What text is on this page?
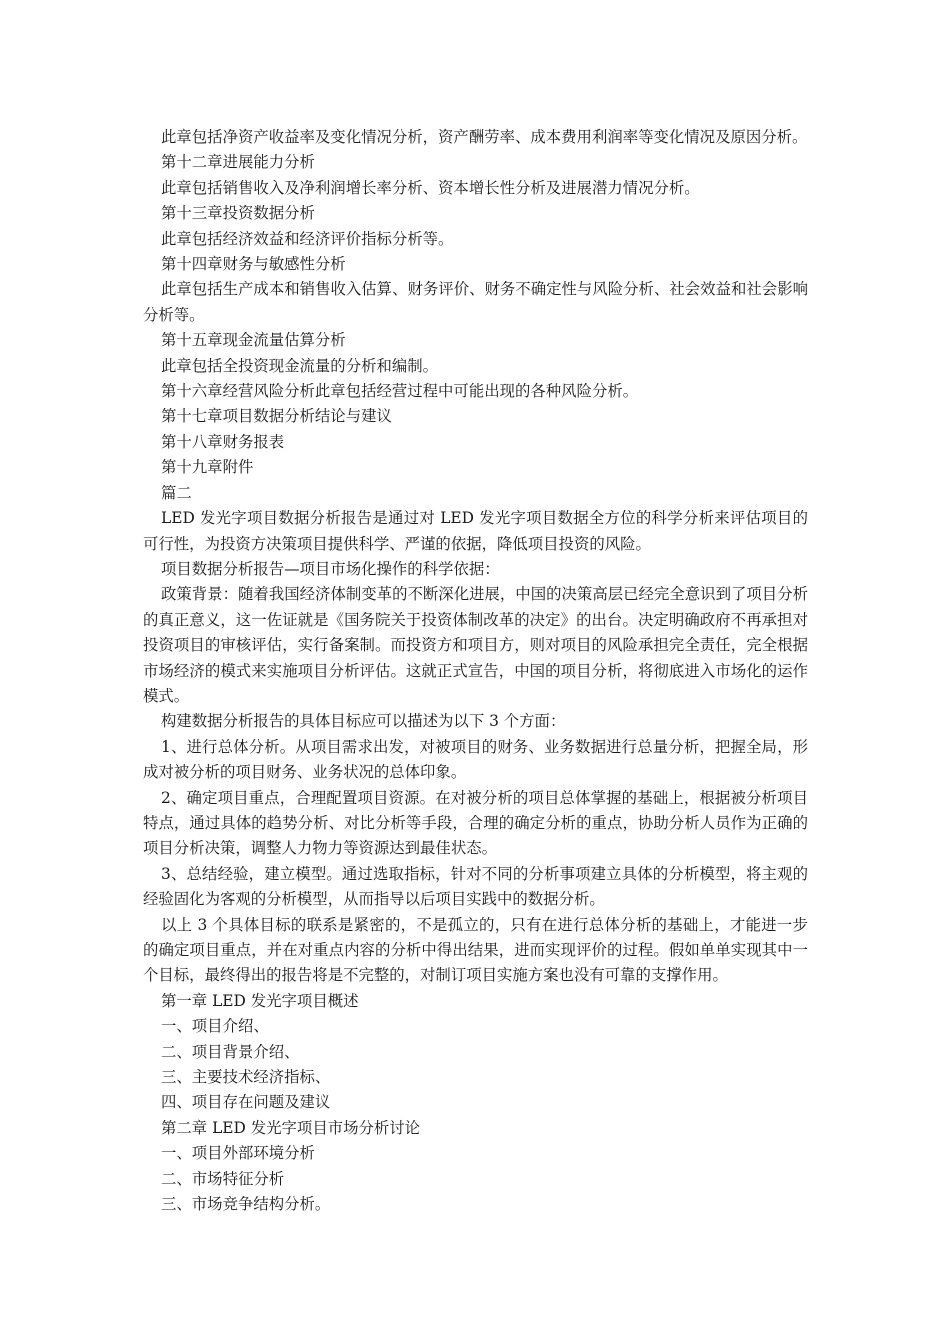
此章包括净资产收益率及变化情况分析，资产酬劳率、成本费用利润率等变化情况及原因分析。

第十二章进展能力分析

此章包括销售收入及净利润增长率分析、资本增长性分析及进展潜力情况分析。

第十三章投资数据分析

此章包括经济效益和经济评价指标分析等。

第十四章财务与敏感性分析

此章包括生产成本和销售收入估算、财务评价、财务不确定性与风险分析、社会效益和社会影响分析等。

第十五章现金流量估算分析

此章包括全投资现金流量的分析和编制。

第十六章经营风险分析此章包括经营过程中可能出现的各种风险分析。

第十七章项目数据分析结论与建议

第十八章财务报表

第十九章附件

篇二

LED 发光字项目数据分析报告是通过对 LED 发光字项目数据全方位的科学分析来评估项目的可行性，为投资方决策项目提供科学、严谨的依据，降低项目投资的风险。

项目数据分析报告—项目市场化操作的科学依据：

政策背景：随着我国经济体制变革的不断深化进展，中国的决策高层已经完全意识到了项目分析的真正意义，这一佐证就是《国务院关于投资体制改革的决定》的出台。决定明确政府不再承担对投资项目的审核评估，实行备案制。而投资方和项目方，则对项目的风险承担完全责任，完全根据市场经济的模式来实施项目分析评估。这就正式宣告，中国的项目分析，将彻底进入市场化的运作模式。

构建数据分析报告的具体目标应可以描述为以下 3 个方面：

1、进行总体分析。从项目需求出发，对被项目的财务、业务数据进行总量分析，把握全局，形成对被分析的项目财务、业务状况的总体印象。

2、确定项目重点，合理配置项目资源。在对被分析的项目总体掌握的基础上，根据被分析项目特点，通过具体的趋势分析、对比分析等手段，合理的确定分析的重点，协助分析人员作为正确的项目分析决策，调整人力物力等资源达到最佳状态。

3、总结经验，建立模型。通过选取指标，针对不同的分析事项建立具体的分析模型，将主观的经验固化为客观的分析模型，从而指导以后项目实践中的数据分析。

以上 3 个具体目标的联系是紧密的，不是孤立的，只有在进行总体分析的基础上，才能进一步的确定项目重点，并在对重点内容的分析中得出结果，进而实现评价的过程。假如单单实现其中一个目标，最终得出的报告将是不完整的，对制订项目实施方案也没有可靠的支撑作用。

第一章 LED 发光字项目概述

一、项目介绍、

二、项目背景介绍、

三、主要技术经济指标、

四、项目存在问题及建议

第二章 LED 发光字项目市场分析讨论

一、项目外部环境分析

二、市场特征分析

三、市场竞争结构分析。
